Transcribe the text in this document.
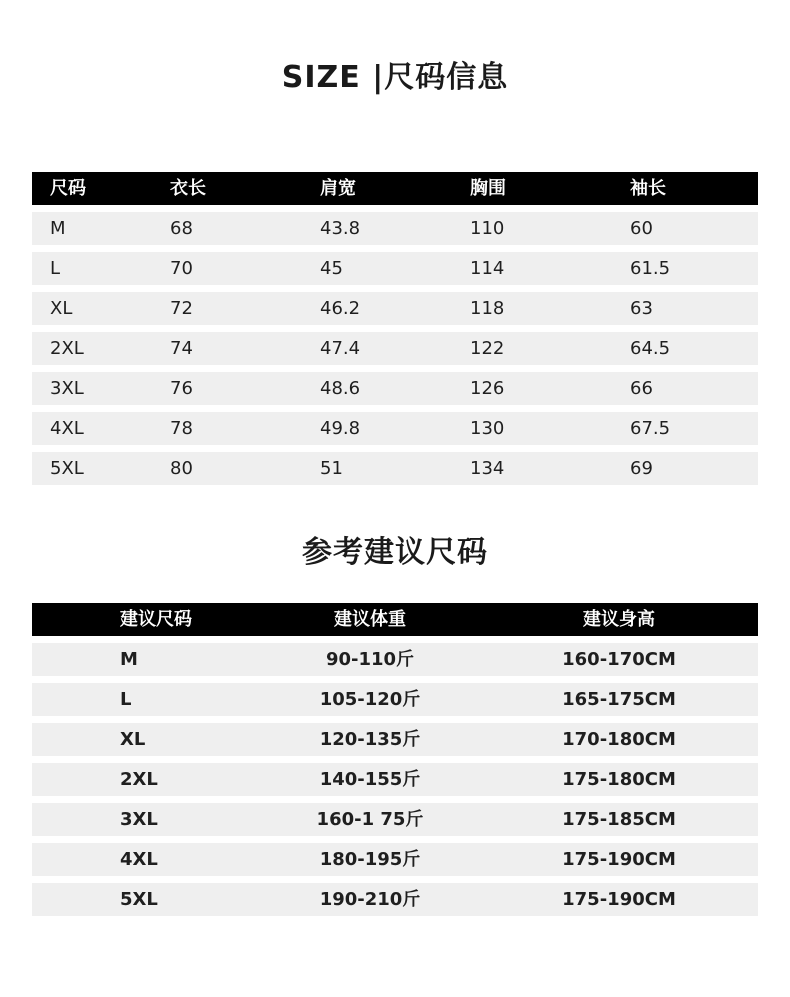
SIZE |尺码信息
尺码	衣长	肩宽	胸围	袖长
M	68	43.8	110	60
L	70	45	114	61.5
XL	72	46.2	118	63
2XL	74	47.4	122	64.5
3XL	76	48.6	126	66
4XL	78	49.8	130	67.5
5XL	80	51	134	69
参考建议尺码
建议尺码	建议体重	建议身高
M	90-110斤	160-170CM
L	105-120斤	165-175CM
XL	120-135斤	170-180CM
2XL	140-155斤	175-180CM
3XL	160-1 75斤	175-185CM
4XL	180-195斤	175-190CM
5XL	190-210斤	175-190CM
